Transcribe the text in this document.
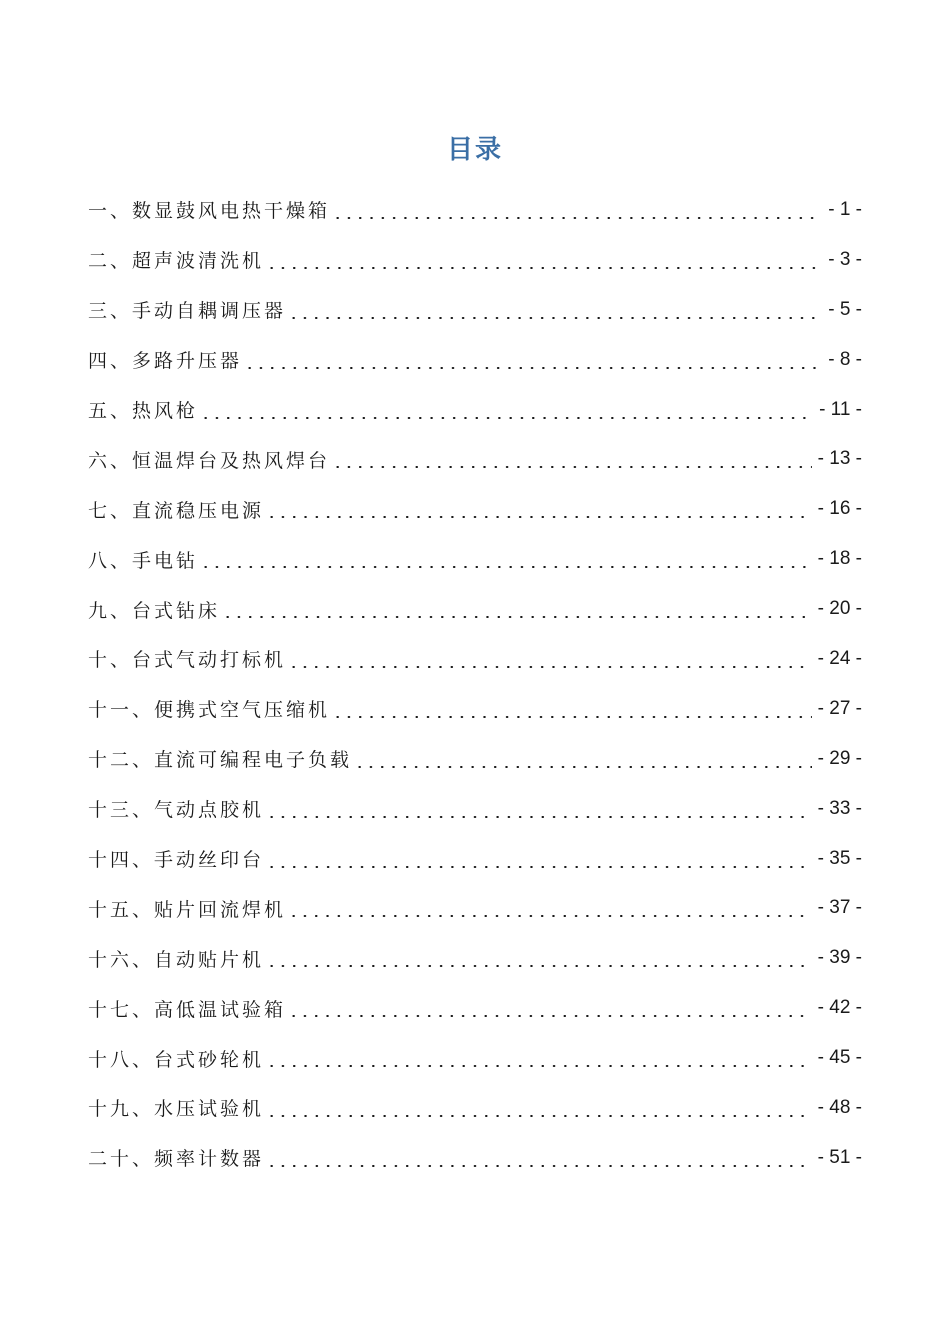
目录
一、数显鼓风电热干燥箱	- 1 -
二、超声波清洗机	- 3 -
三、手动自耦调压器	- 5 -
四、多路升压器	- 8 -
五、热风枪	- 11 -
六、恒温焊台及热风焊台	- 13 -
七、直流稳压电源	- 16 -
八、手电钻	- 18 -
九、台式钻床	- 20 -
十、台式气动打标机	- 24 -
十一、便携式空气压缩机	- 27 -
十二、直流可编程电子负载	- 29 -
十三、气动点胶机	- 33 -
十四、手动丝印台	- 35 -
十五、贴片回流焊机	- 37 -
十六、自动贴片机	- 39 -
十七、高低温试验箱	- 42 -
十八、台式砂轮机	- 45 -
十九、水压试验机	- 48 -
二十、频率计数器	- 51 -
